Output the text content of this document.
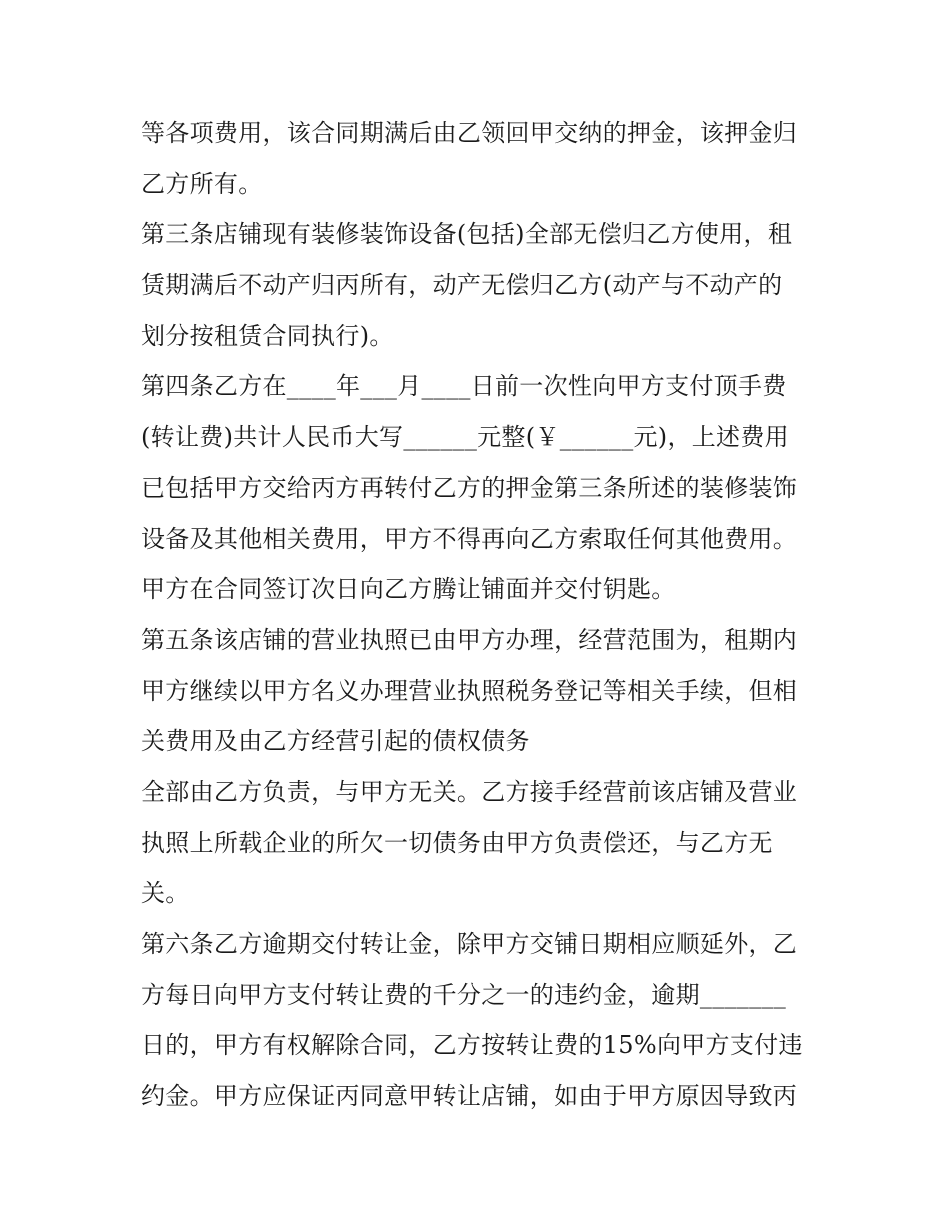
等各项费用，该合同期满后由乙领回甲交纳的押金，该押金归
乙方所有。
第三条店铺现有装修装饰设备(包括)全部无偿归乙方使用，租
赁期满后不动产归丙所有，动产无偿归乙方(动产与不动产的
划分按租赁合同执行)。
第四条乙方在____年___月____日前一次性向甲方支付顶手费
(转让费)共计人民币大写______元整(￥______元)，上述费用
已包括甲方交给丙方再转付乙方的押金第三条所述的装修装饰
设备及其他相关费用，甲方不得再向乙方索取任何其他费用。
甲方在合同签订次日向乙方腾让铺面并交付钥匙。
第五条该店铺的营业执照已由甲方办理，经营范围为，租期内
甲方继续以甲方名义办理营业执照税务登记等相关手续，但相
关费用及由乙方经营引起的债权债务
全部由乙方负责，与甲方无关。乙方接手经营前该店铺及营业
执照上所载企业的所欠一切债务由甲方负责偿还，与乙方无
关。
第六条乙方逾期交付转让金，除甲方交铺日期相应顺延外，乙
方每日向甲方支付转让费的千分之一的违约金，逾期_______
日的，甲方有权解除合同，乙方按转让费的15%向甲方支付违
约金。甲方应保证丙同意甲转让店铺，如由于甲方原因导致丙
